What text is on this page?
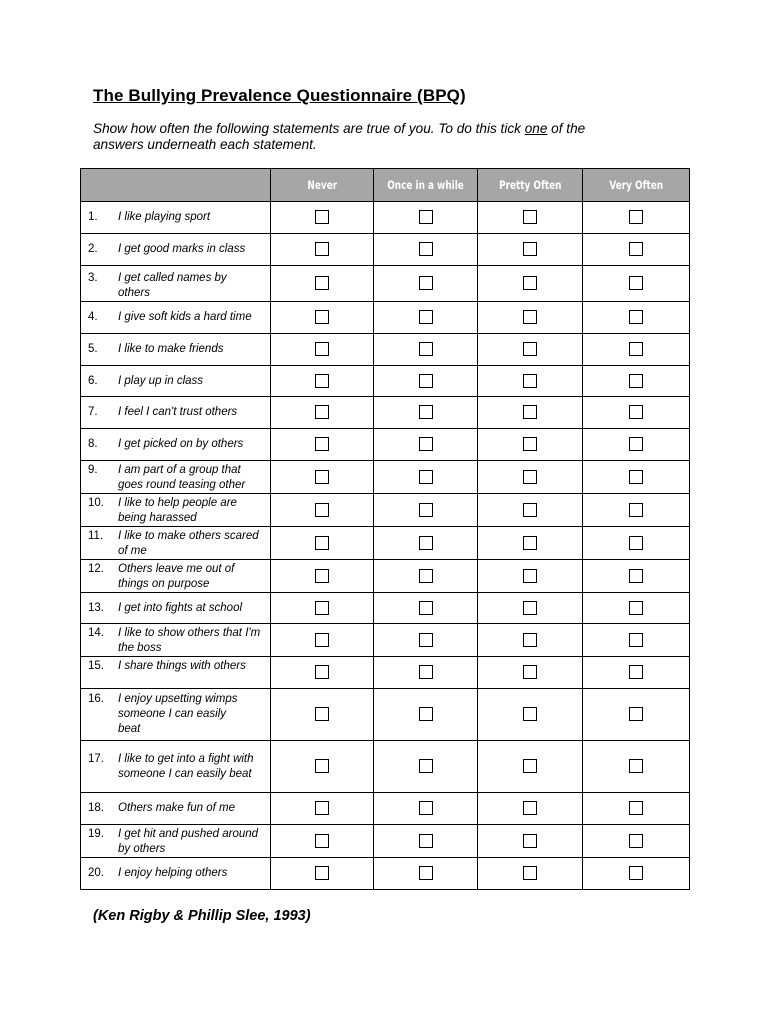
The Bullying Prevalence Questionnaire (BPQ)
Show how often the following statements are true of you. To do this tick one of the answers underneath each statement.
	Never	Once in a while	Pretty Often	Very Often

1. I like playing sport				

2. I get good marks in class				

3. I get called names by others				

4. I give soft kids a hard time				

5. I like to make friends				

6. I play up in class				

7. I feel I can't trust others				

8. I get picked on by others				

9. I am part of a group that goes round teasing other				

10. I like to help people are being harassed				

11. I like to make others scared of me				

12. Others leave me out of things on purpose				

13. I get into fights at school				

14. I like to show others that I'm the boss				

15. I share things with others				

16. I enjoy upsetting wimps someone I can easily beat				

17. I like to get into a fight with someone I can easily beat				

18. Others make fun of me				

19. I get hit and pushed around by others				

20. I enjoy helping others				

(Ken Rigby & Phillip Slee, 1993)
